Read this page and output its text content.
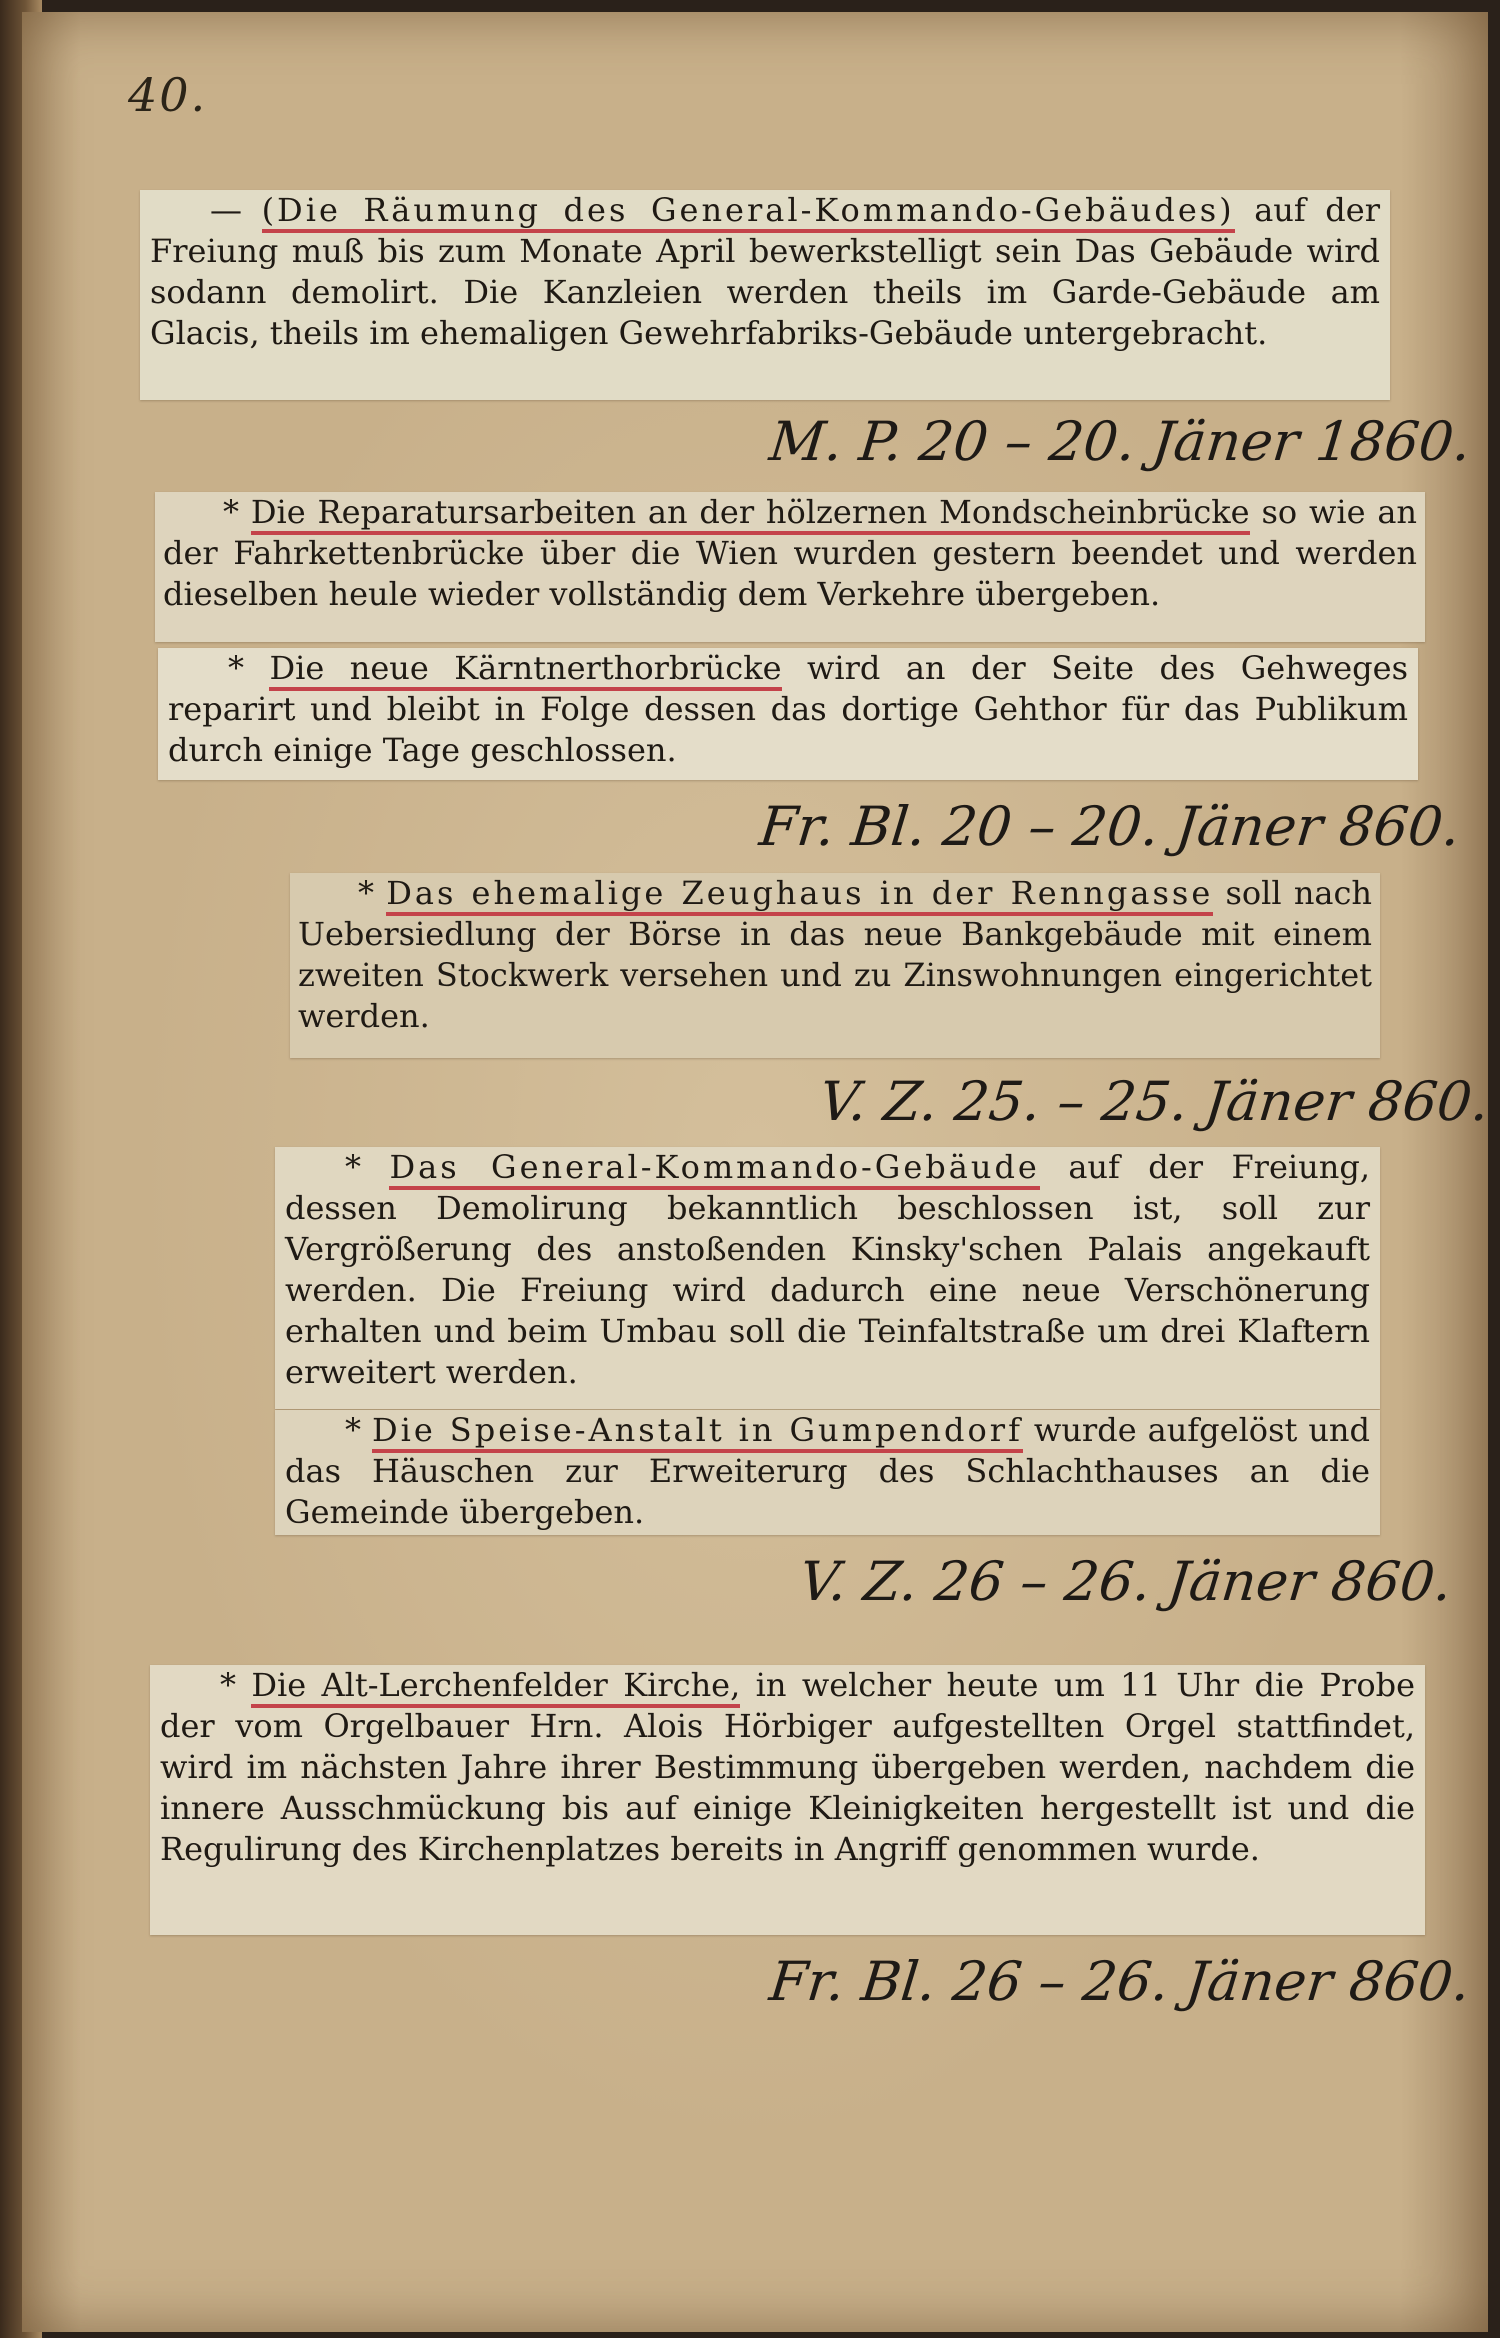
40.

— (Die Räumung des General-Kommando-Gebäudes) auf der Freiung muß bis zum Monate April bewerkstelligt sein Das Gebäude wird sodann demolirt. Die Kanzleien werden theils im Garde-Gebäude am Glacis, theils im ehemaligen Gewehrfabriks-Gebäude untergebracht.

M. P. 20 – 20. Jäner 1860.

* Die Reparatursarbeiten an der hölzernen Mondscheinbrücke so wie an der Fahrkettenbrücke über die Wien wurden gestern beendet und werden dieselben heule wieder vollständig dem Verkehre übergeben.

* Die neue Kärntnerthorbrücke wird an der Seite des Gehweges reparirt und bleibt in Folge dessen das dortige Gehthor für das Publikum durch einige Tage geschlossen.

Fr. Bl. 20 – 20. Jäner 860.

* Das ehemalige Zeughaus in der Renngasse soll nach Uebersiedlung der Börse in das neue Bankgebäude mit einem zweiten Stockwerk versehen und zu Zinswohnungen eingerichtet werden.

V. Z. 25. – 25. Jäner 860.

* Das General-Kommando-Gebäude auf der Freiung, dessen Demolirung bekanntlich beschlossen ist, soll zur Vergrößerung des anstoßenden Kinsky'schen Palais angekauft werden. Die Freiung wird dadurch eine neue Verschönerung erhalten und beim Umbau soll die Teinfaltstraße um drei Klaftern erweitert werden.

* Die Speise-Anstalt in Gumpendorf wurde aufgelöst und das Häuschen zur Erweiterurg des Schlachthauses an die Gemeinde übergeben.

V. Z. 26 – 26. Jäner 860.

* Die Alt-Lerchenfelder Kirche, in welcher heute um 11 Uhr die Probe der vom Orgelbauer Hrn. Alois Hörbiger aufgestellten Orgel stattfindet, wird im nächsten Jahre ihrer Bestimmung übergeben werden, nachdem die innere Ausschmückung bis auf einige Kleinigkeiten hergestellt ist und die Regulirung des Kirchenplatzes bereits in Angriff genommen wurde.

Fr. Bl. 26 – 26. Jäner 860.
